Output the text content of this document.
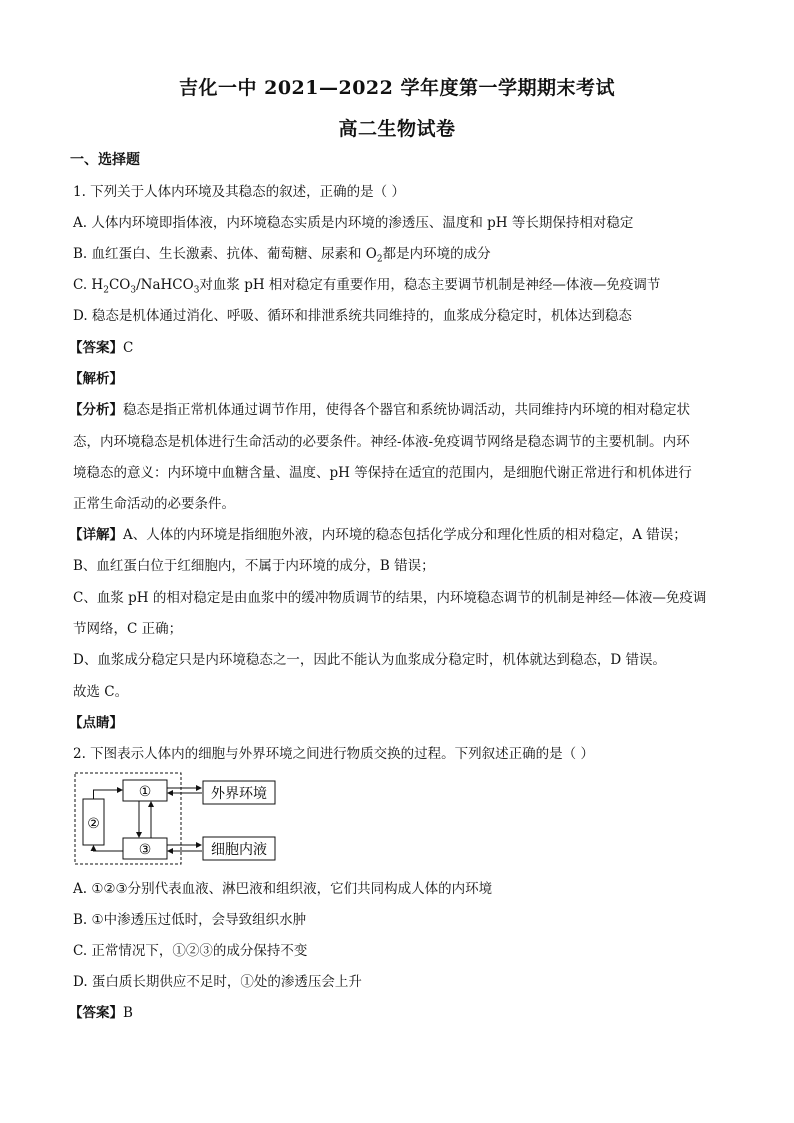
吉化一中 2021—2022 学年度第一学期期末考试
高二生物试卷
一、选择题
1. 下列关于人体内环境及其稳态的叙述，正确的是（ ）
A. 人体内环境即指体液，内环境稳态实质是内环境的渗透压、温度和 pH 等长期保持相对稳定
B. 血红蛋白、生长激素、抗体、葡萄糖、尿素和 $O_2$都是内环境的成分
C. $H_2CO_3/NaHCO_3$对血浆 pH 相对稳定有重要作用，稳态主要调节机制是神经—体液—免疫调节
D. 稳态是机体通过消化、呼吸、循环和排泄系统共同维持的，血浆成分稳定时，机体达到稳态
【答案】C
【解析】
【分析】稳态是指正常机体通过调节作用，使得各个器官和系统协调活动，共同维持内环境的相对稳定状
态，内环境稳态是机体进行生命活动的必要条件。神经-体液-免疫调节网络是稳态调节的主要机制。内环
境稳态的意义：内环境中血糖含量、温度、pH 等保持在适宜的范围内，是细胞代谢正常进行和机体进行
正常生命活动的必要条件。
【详解】A、人体的内环境是指细胞外液，内环境的稳态包括化学成分和理化性质的相对稳定，A 错误；
B、血红蛋白位于红细胞内，不属于内环境的成分，B 错误；
C、血浆 pH 的相对稳定是由血浆中的缓冲物质调节的结果，内环境稳态调节的机制是神经—体液—免疫调
节网络，C 正确；
D、血浆成分稳定只是内环境稳态之一，因此不能认为血浆成分稳定时，机体就达到稳态，D 错误。
故选 C。
【点睛】
2. 下图表示人体内的细胞与外界环境之间进行物质交换的过程。下列叙述正确的是（ ）
①
②
③
外界环境
细胞内液
A. ①②③分别代表血液、淋巴液和组织液，它们共同构成人体的内环境
B. ①中渗透压过低时，会导致组织水肿
C. 正常情况下，①②③的成分保持不变
D. 蛋白质长期供应不足时，①处的渗透压会上升
【答案】B
